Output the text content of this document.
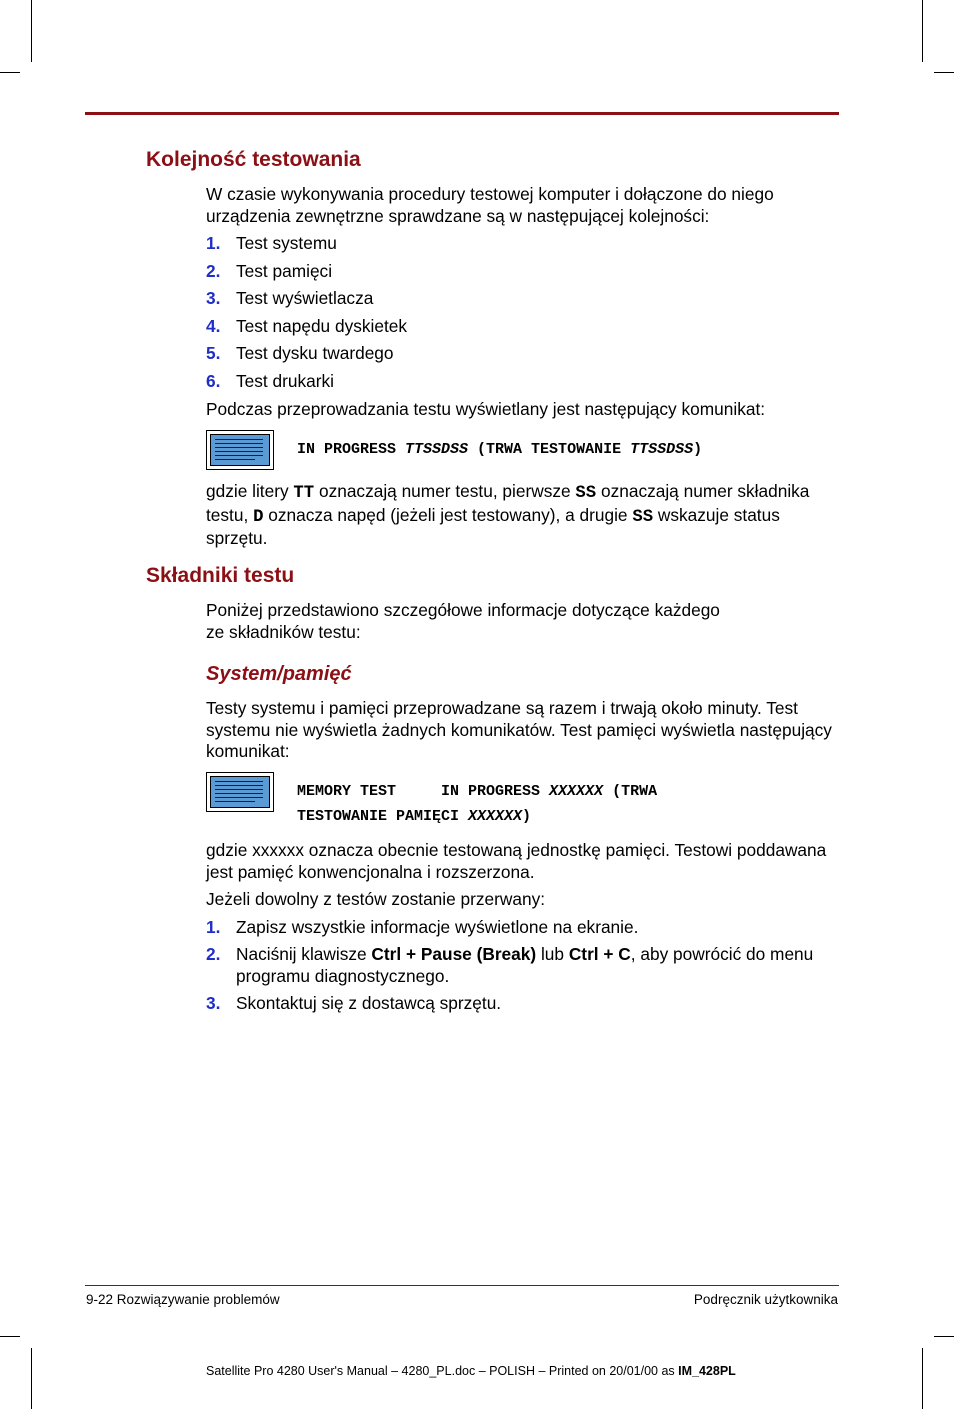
Kolejność testowania
W czasie wykonywania procedury testowej komputer i dołączone do niego urządzenia zewnętrzne sprawdzane są w następującej kolejności:
1. Test systemu
2. Test pamięci
3. Test wyświetlacza
4. Test napędu dyskietek
5. Test dysku twardego
6. Test drukarki
Podczas przeprowadzania testu wyświetlany jest następujący komunikat:
IN PROGRESS TTSSDSS (TRWA TESTOWANIE TTSSDSS)
gdzie litery TT oznaczają numer testu, pierwsze SS oznaczają numer składnika testu, D oznacza napęd (jeżeli jest testowany), a drugie SS wskazuje status sprzętu.
Składniki testu
Poniżej przedstawiono szczegółowe informacje dotyczące każdego
ze składników testu:
System/pamięć
Testy systemu i pamięci przeprowadzane są razem i trwają około minuty. Test systemu nie wyświetla żadnych komunikatów. Test pamięci wyświetla następujący komunikat:
MEMORY TEST     IN PROGRESS XXXXXX (TRWA
TESTOWANIE PAMIĘCI XXXXXX)
gdzie xxxxxx oznacza obecnie testowaną jednostkę pamięci. Testowi poddawana jest pamięć konwencjonalna i rozszerzona.
Jeżeli dowolny z testów zostanie przerwany:
1. Zapisz wszystkie informacje wyświetlone na ekranie.
2. Naciśnij klawisze Ctrl + Pause (Break) lub Ctrl + C, aby powrócić do menu programu diagnostycznego.
3. Skontaktuj się z dostawcą sprzętu.
9-22 Rozwiązywanie problemów	Podręcznik użytkownika
Satellite Pro 4280 User's Manual – 4280_PL.doc – POLISH – Printed on 20/01/00 as IM_428PL
